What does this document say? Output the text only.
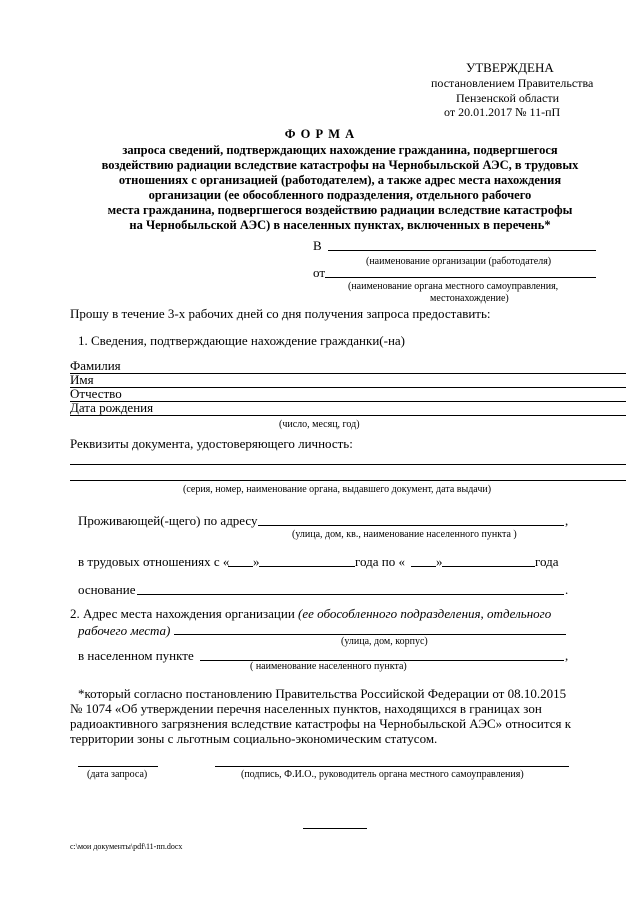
УТВЕРЖДЕНА
постановлением Правительства
Пензенской области
от 20.01.2017 № 11-пП
Ф О Р М А
запроса сведений, подтверждающих нахождение гражданина, подвергшегося
воздействию радиации вследствие катастрофы на Чернобыльской АЭС, в трудовых
отношениях с организацией (работодателем), а также адрес места нахождения
организации (ее обособленного подразделения, отдельного рабочего
места гражданина, подвергшегося воздействию радиации вследствие катастрофы
на Чернобыльской АЭС) в населенных пунктах, включенных в перечень*
В
(наименование организации (работодателя)
от
(наименование органа местного самоуправления,
местонахождение)
Прошу в течение 3-х рабочих дней со дня получения запроса предоставить:
1. Сведения, подтверждающие нахождение гражданки(-на)
Фамилия
Имя
Отчество
Дата рождения
(число, месяц, год)
Реквизиты документа, удостоверяющего личность:
(серия, номер, наименование органа, выдавшего документ, дата выдачи)
Проживающей(-щего) по адресу	,
(улица, дом, кв., наименование населенного пункта )
в трудовых отношениях с « »	года по « »	года
основание	.
2. Адрес места нахождения организации (ее обособленного подразделения, отдельного
рабочего места)
(улица, дом, корпус)
в населенном пункте	,
( наименование населенного пункта)
*который согласно постановлению Правительства Российской Федерации от 08.10.2015
№ 1074 «Об утверждении перечня населенных пунктов, находящихся в границах зон
радиоактивного загрязнения вследствие катастрофы на Чернобыльской АЭС» относится к
территории зоны с льготным социально-экономическим статусом.
(дата запроса)	(подпись, Ф.И.О., руководитель органа местного самоуправления)
c:\мои документы\pdf\11-пп.docx
